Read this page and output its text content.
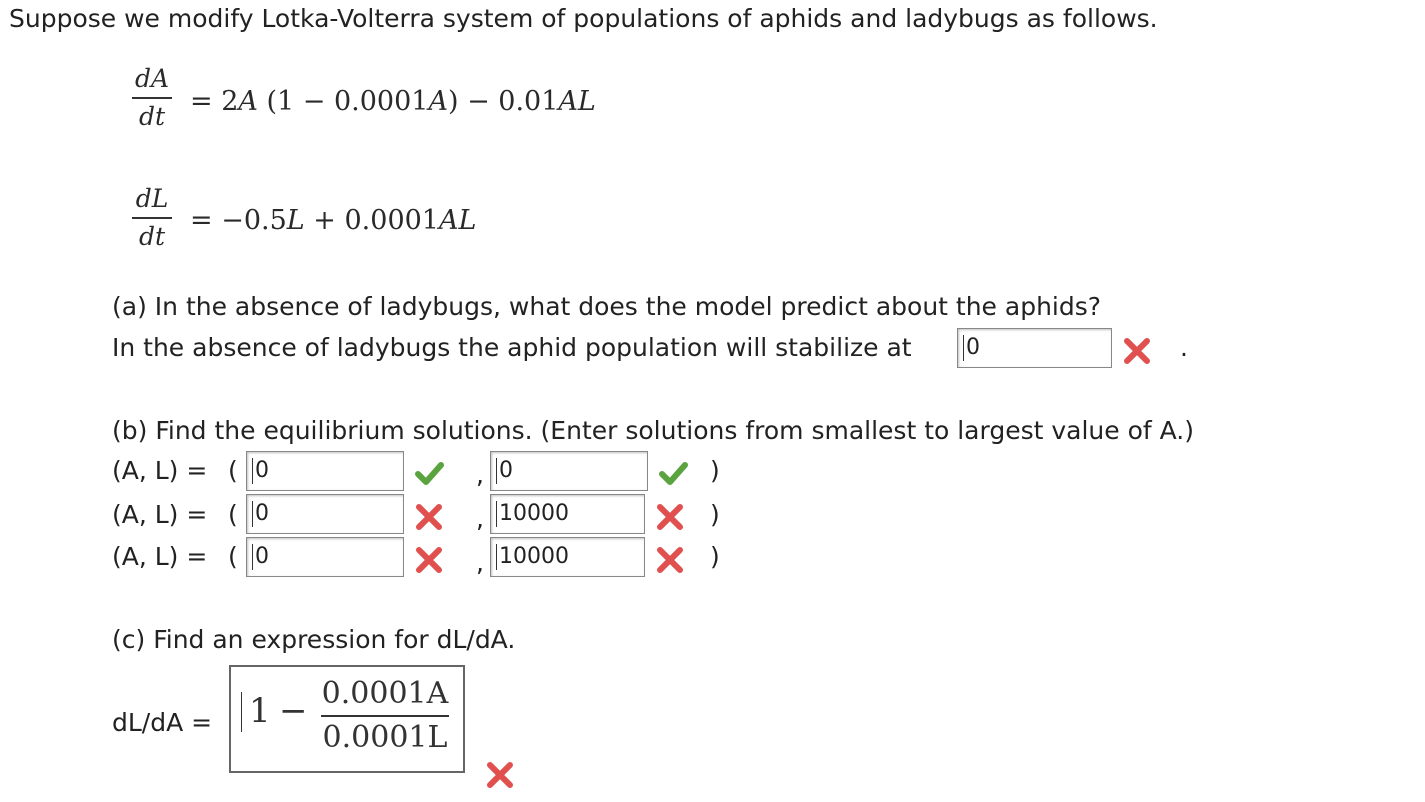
Suppose we modify Lotka-Volterra system of populations of aphids and ladybugs as follows.
dA
dt = 2A (1 − 0.0001A) − 0.01AL
dL
dt
= −0.5L + 0.0001AL
(a) In the absence of ladybugs, what does the model predict about the aphids?
In the absence of ladybugs the aphid population will stabilize at	0	.
(b) Find the equilibrium solutions. (Enter solutions from smallest to largest value of A.)
(A, L) = ( 0	, 0	)
(A, L) = ( 0	, 10000	)
(A, L) = ( 0	, 10000	)
(c) Find an expression for dL/dA.
dL/dA = 1 − 0.0001A
0.0001L
